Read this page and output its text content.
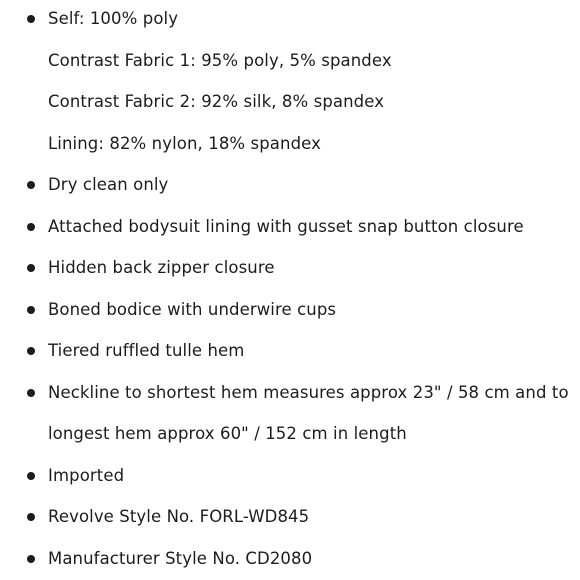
Self: 100% poly
Contrast Fabric 1: 95% poly, 5% spandex
Contrast Fabric 2: 92% silk, 8% spandex
Lining: 82% nylon, 18% spandex
Dry clean only
Attached bodysuit lining with gusset snap button closure
Hidden back zipper closure
Boned bodice with underwire cups
Tiered ruffled tulle hem
Neckline to shortest hem measures approx 23" / 58 cm and to
longest hem approx 60" / 152 cm in length
Imported
Revolve Style No. FORL-WD845
Manufacturer Style No. CD2080
